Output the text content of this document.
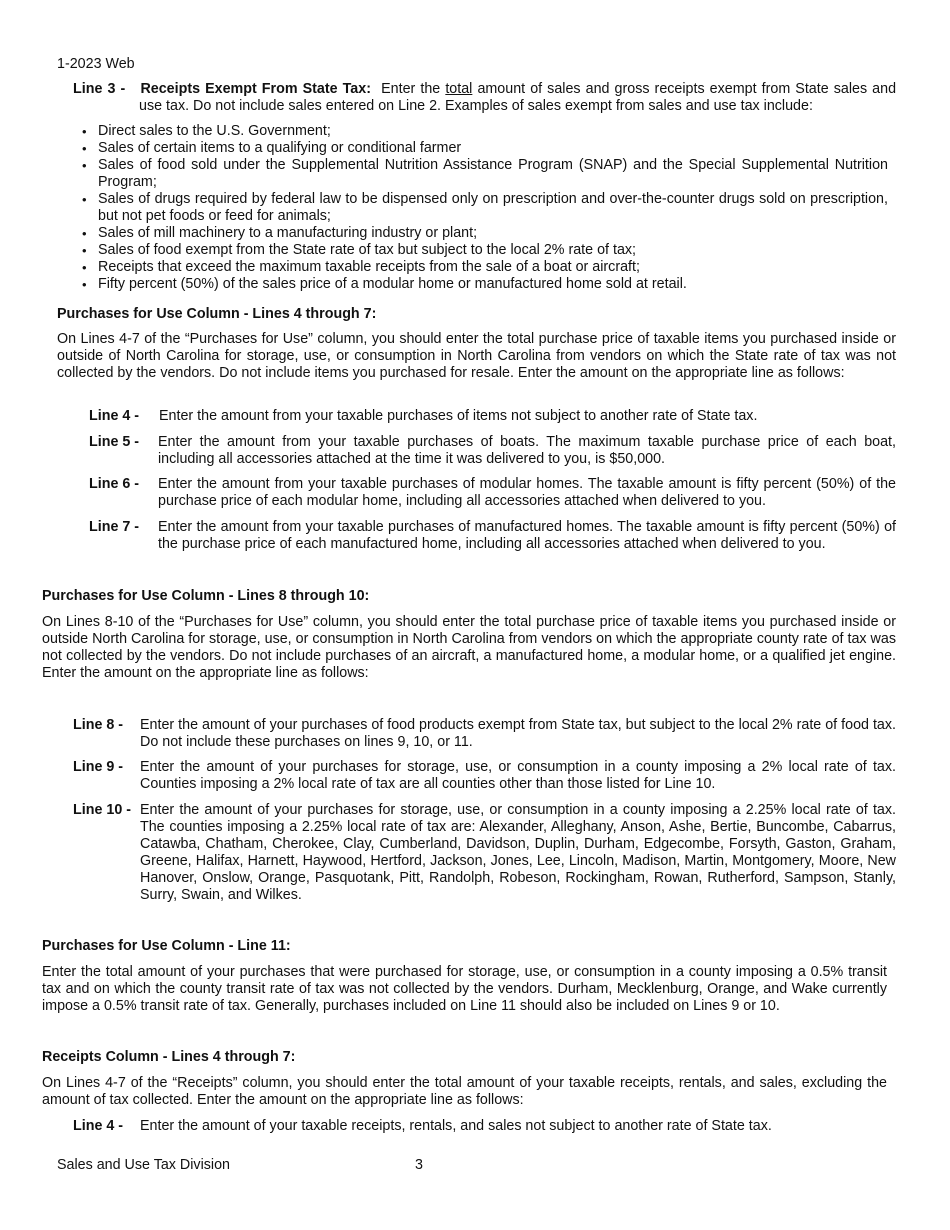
1-2023 Web

Line 3 - Receipts Exempt From State Tax: Enter the total amount of sales and gross receipts exempt from State sales and use tax. Do not include sales entered on Line 2. Examples of sales exempt from sales and use tax include:

• Direct sales to the U.S. Government;
• Sales of certain items to a qualifying or conditional farmer
• Sales of food sold under the Supplemental Nutrition Assistance Program (SNAP) and the Special Supplemental Nutrition Program;
• Sales of drugs required by federal law to be dispensed only on prescription and over-the-counter drugs sold on prescription, but not pet foods or feed for animals;
• Sales of mill machinery to a manufacturing industry or plant;
• Sales of food exempt from the State rate of tax but subject to the local 2% rate of tax;
• Receipts that exceed the maximum taxable receipts from the sale of a boat or aircraft;
• Fifty percent (50%) of the sales price of a modular home or manufactured home sold at retail.
Purchases for Use Column - Lines 4 through 7:
On Lines 4-7 of the “Purchases for Use” column, you should enter the total purchase price of taxable items you purchased inside or outside of North Carolina for storage, use, or consumption in North Carolina from vendors on which the State rate of tax was not collected by the vendors. Do not include items you purchased for resale. Enter the amount on the appropriate line as follows:
Line 4 - Enter the amount from your taxable purchases of items not subject to another rate of State tax.
Line 5 - Enter the amount from your taxable purchases of boats. The maximum taxable purchase price of each boat, including all accessories attached at the time it was delivered to you, is $50,000.
Line 6 - Enter the amount from your taxable purchases of modular homes. The taxable amount is fifty percent (50%) of the purchase price of each modular home, including all accessories attached when delivered to you.
Line 7 - Enter the amount from your taxable purchases of manufactured homes. The taxable amount is fifty percent (50%) of the purchase price of each manufactured home, including all accessories attached when delivered to you.
Purchases for Use Column - Lines 8 through 10:
On Lines 8-10 of the “Purchases for Use” column, you should enter the total purchase price of taxable items you purchased inside or outside North Carolina for storage, use, or consumption in North Carolina from vendors on which the appropriate county rate of tax was not collected by the vendors. Do not include purchases of an aircraft, a manufactured home, a modular home, or a qualified jet engine. Enter the amount on the appropriate line as follows:
Line 8 - Enter the amount of your purchases of food products exempt from State tax, but subject to the local 2% rate of food tax. Do not include these purchases on lines 9, 10, or 11.
Line 9 - Enter the amount of your purchases for storage, use, or consumption in a county imposing a 2% local rate of tax. Counties imposing a 2% local rate of tax are all counties other than those listed for Line 10.
Line 10 - Enter the amount of your purchases for storage, use, or consumption in a county imposing a 2.25% local rate of tax. The counties imposing a 2.25% local rate of tax are: Alexander, Alleghany, Anson, Ashe, Bertie, Buncombe, Cabarrus, Catawba, Chatham, Cherokee, Clay, Cumberland, Davidson, Duplin, Durham, Edgecombe, Forsyth, Gaston, Graham, Greene, Halifax, Harnett, Haywood, Hertford, Jackson, Jones, Lee, Lincoln, Madison, Martin, Montgomery, Moore, New Hanover, Onslow, Orange, Pasquotank, Pitt, Randolph, Robeson, Rockingham, Rowan, Rutherford, Sampson, Stanly, Surry, Swain, and Wilkes.
Purchases for Use Column - Line 11:
Enter the total amount of your purchases that were purchased for storage, use, or consumption in a county imposing a 0.5% transit tax and on which the county transit rate of tax was not collected by the vendors. Durham, Mecklenburg, Orange, and Wake currently impose a 0.5% transit rate of tax. Generally, purchases included on Line 11 should also be included on Lines 9 or 10.
Receipts Column - Lines 4 through 7:
On Lines 4-7 of the “Receipts” column, you should enter the total amount of your taxable receipts, rentals, and sales, excluding the amount of tax collected. Enter the amount on the appropriate line as follows:
Line 4 - Enter the amount of your taxable receipts, rentals, and sales not subject to another rate of State tax.
Sales and Use Tax Division	3
